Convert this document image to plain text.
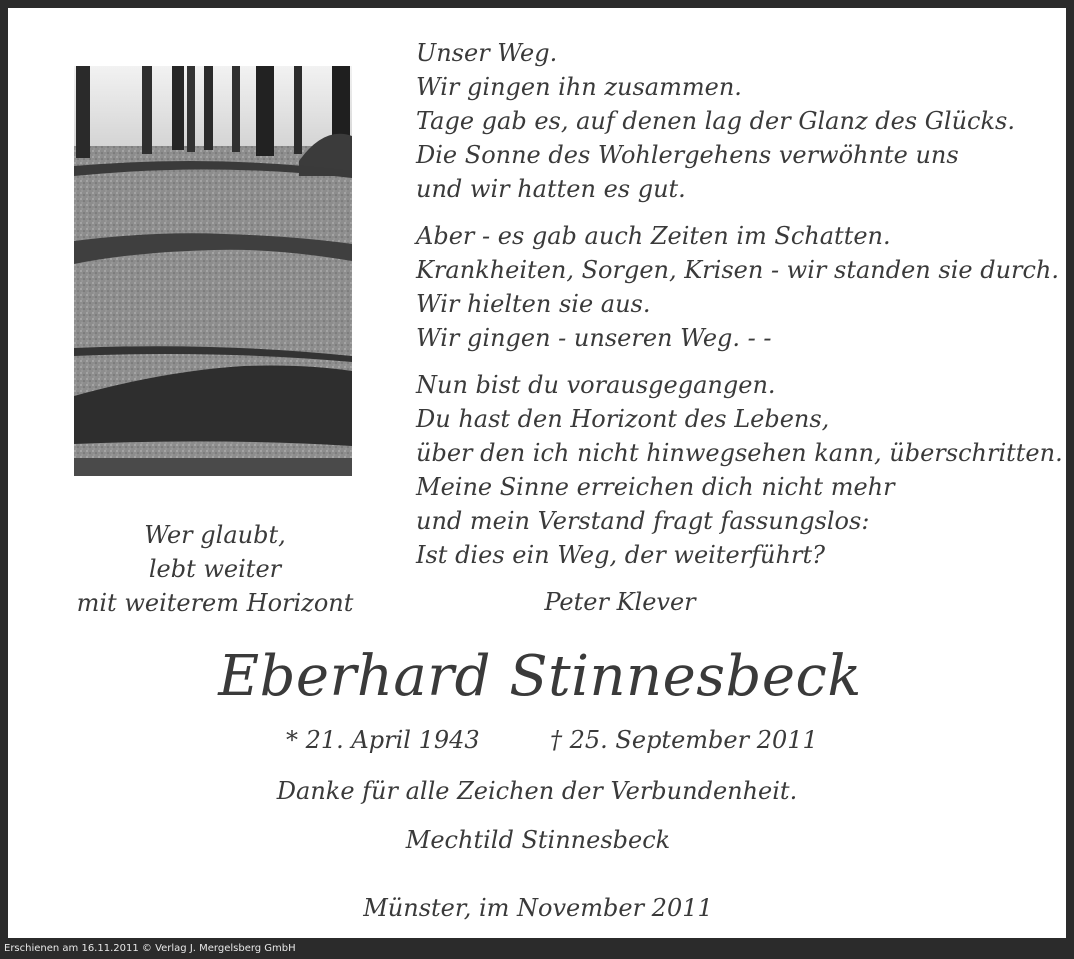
Wer glaubt,
lebt weiter
mit weiterem Horizont
Unser Weg.
Wir gingen ihn zusammen.
Tage gab es, auf denen lag der Glanz des Glücks.
Die Sonne des Wohlergehens verwöhnte uns
und wir hatten es gut.
Aber - es gab auch Zeiten im Schatten.
Krankheiten, Sorgen, Krisen - wir standen sie durch.
Wir hielten sie aus.
Wir gingen - unseren Weg. - -
Nun bist du vorausgegangen.
Du hast den Horizont des Lebens,
über den ich nicht hinwegsehen kann, überschritten.
Meine Sinne erreichen dich nicht mehr
und mein Verstand fragt fassungslos:
Ist dies ein Weg, der weiterführt?
Peter Klever
Eberhard Stinnesbeck
* 21. April 1943	† 25. September 2011
Danke für alle Zeichen der Verbundenheit.
Mechtild Stinnesbeck
Münster, im November 2011
Erschienen am 16.11.2011 © Verlag J. Mergelsberg GmbH
